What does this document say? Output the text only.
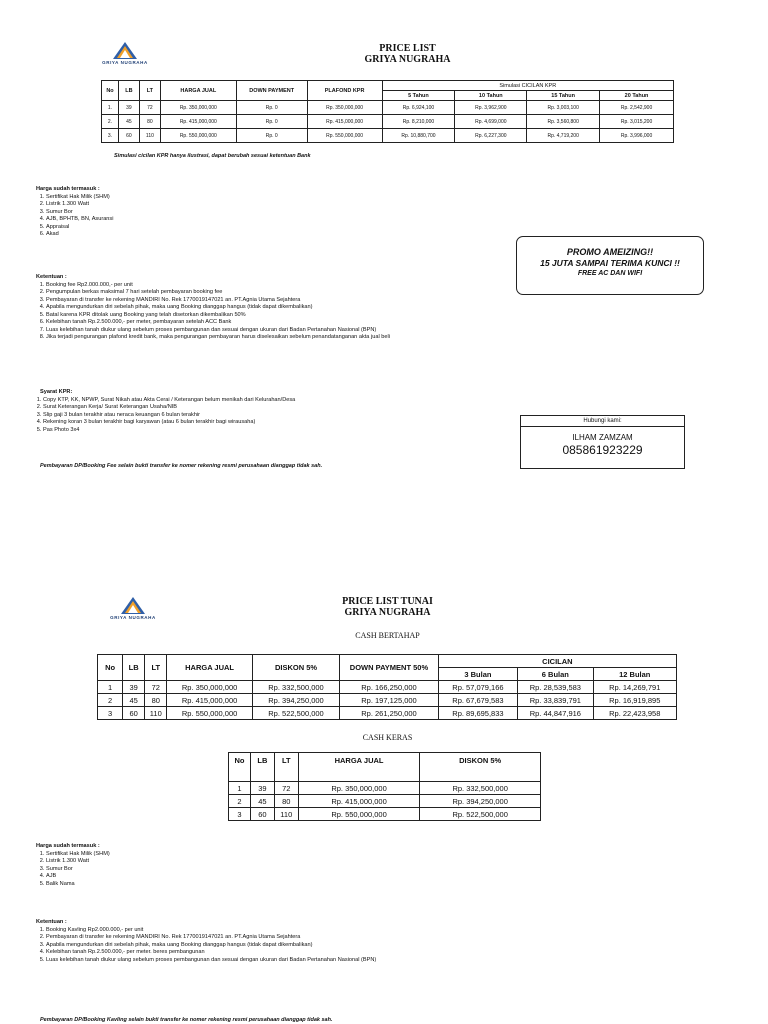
GRIYA NUGRAHA
PRICE LIST
GRIYA NUGRAHA
No	LB	LT	HARGA JUAL	DOWN PAYMENT	PLAFOND KPR	Simulasi CICILAN KPR			
						5 Tahun	10 Tahun	15 Tahun	20 Tahun
1.	39	72	Rp. 350,000,000	Rp. 0	Rp. 350,000,000	Rp. 6,924,100	Rp. 3,962,900	Rp. 3,003,100	Rp. 2,542,900
2.	45	80	Rp. 415,000,000	Rp. 0	Rp. 415,000,000	Rp. 8,210,000	Rp. 4,699,000	Rp. 3,560,800	Rp. 3,015,200
3.	60	110	Rp. 550,000,000	Rp. 0	Rp. 550,000,000	Rp. 10,880,700	Rp. 6,227,300	Rp. 4,719,200	Rp. 3,996,000
Simulasi cicilan KPR hanya ilustrasi, dapat berubah sesuai ketentuan Bank
Harga sudah termasuk :
1. Sertifikat Hak Milik (SHM)
2. Listrik 1.300 Watt
3. Sumur Bor
4. AJB, BPHTB, BN, Asuransi
5. Appraisal
6. Akad
PROMO AMEIZING!!
15 JUTA SAMPAI TERIMA KUNCI !!
FREE AC DAN WIFI
Ketentuan :
1. Booking fee Rp2.000.000,- per unit
2. Pengumpulan berkas maksimal 7 hari setelah pembayaran booking fee
3. Pembayaran di transfer ke rekening MANDIRI No. Rek 1770019147021 an. PT.Agnia Utama Sejahtera
4. Apabila mengundurkan diri sebelah pihak, maka uang Booking dianggap hangus (tidak dapat dikembalikan)
5. Batal karena KPR ditolak uang Booking yang telah disetorkan dikembalikan 50%
6. Kelebihan tanah Rp.2.500.000,- per meter, pembayaran setelah ACC Bank
7. Luas kelebihan tanah diukur ulang sebelum proses pembangunan dan sesuai dengan ukuran dari Badan Pertanahan Nasional (BPN)
8. Jika terjadi pengurangan plafond kredit bank, maka pengurangan pembayaran harus diselesaikan sebelum penandatanganan akta jual beli
Syarat KPR:
1. Copy KTP, KK, NPWP, Surat Nikah atau Akta Cerai / Keterangan belum menikah dari Kelurahan/Desa
2. Surat Keterangan Kerja/ Surat Keterangan Usaha/NIB
3. Slip gaji 3 bulan terakhir atau neraca keuangan 6 bulan terakhir
4. Rekening koran 3 bulan terakhir bagi karyawan (atau 6 bulan terakhir bagi wirausaha)
5. Pas Photo 3x4
Hubungi kami:
ILHAM ZAMZAM
085861923229
Pembayaran DP/Booking Fee selain bukti transfer ke nomer rekening resmi perusahaan dianggap tidak sah.
GRIYA NUGRAHA
PRICE LIST TUNAI
GRIYA NUGRAHA
CASH BERTAHAP
No	LB	LT	HARGA JUAL	DISKON 5%	DOWN PAYMENT 50%	CICILAN		
						3 Bulan	6 Bulan	12 Bulan
1	39	72	Rp. 350,000,000	Rp. 332,500,000	Rp. 166,250,000	Rp. 57,079,166	Rp. 28,539,583	Rp. 14,269,791
2	45	80	Rp. 415,000,000	Rp. 394,250,000	Rp. 197,125,000	Rp. 67,679,583	Rp. 33,839,791	Rp. 16,919,895
3	60	110	Rp. 550,000,000	Rp. 522,500,000	Rp. 261,250,000	Rp. 89,695,833	Rp. 44,847,916	Rp. 22,423,958
CASH KERAS
No	LB	LT	HARGA JUAL	DISKON 5%
1	39	72	Rp. 350,000,000	Rp. 332,500,000
2	45	80	Rp. 415,000,000	Rp. 394,250,000
3	60	110	Rp. 550,000,000	Rp. 522,500,000
Harga sudah termasuk :
1. Sertifikat Hak Milik (SHM)
2. Listrik 1.300 Watt
3. Sumur Bor
4. AJB
5. Balik Nama
Ketentuan :
1. Booking Kavling Rp2.000.000,- per unit
2. Pembayaran di transfer ke rekening MANDIRI No. Rek 1770019147021 an. PT.Agnia Utama Sejahtera
3. Apabila mengundurkan diri sebelah pihak, maka uang Booking dianggap hangus (tidak dapat dikembalikan)
4. Kelebihan tanah Rp.2.500.000,- per meter. beres pembangunan
5. Luas kelebihan tanah diukur ulang sebelum proses pembangunan dan sesuai dengan ukuran dari Badan Pertanahan Nasional (BPN)
Pembayaran DP/Booking Kavling selain bukti transfer ke nomer rekening resmi perusahaan dianggap tidak sah.
